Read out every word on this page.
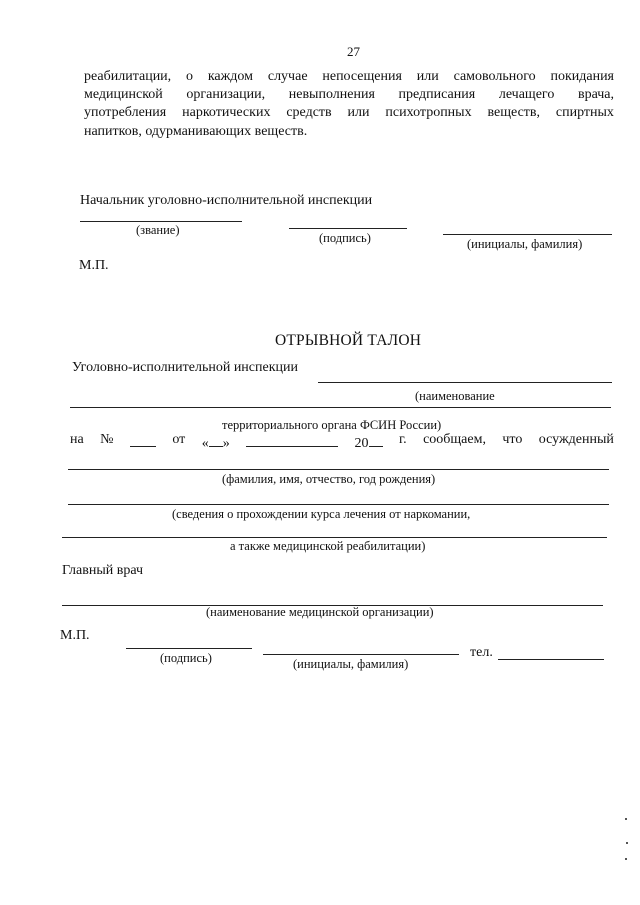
27
реабилитации, о каждом случае непосещения или самовольного покидания
медицинской организации, невыполнения предписания лечащего врача,
употребления наркотических средств или психотропных веществ, спиртных
напитков, одурманивающих веществ.
Начальник уголовно-исполнительной инспекции
(звание)
(подпись)	(инициалы, фамилия)
М.П.
ОТРЫВНОЙ ТАЛОН
Уголовно-исполнительной инспекции
(наименование
территориального органа ФСИН России)
на №	от « »	20	г. сообщаем, что осужденный
(фамилия, имя, отчество, год рождения)
(сведения о прохождении курса лечения от наркомании,
а также медицинской реабилитации)
Главный врач
(наименование медицинской организации)
М.П.
тел.
(подпись)	(инициалы, фамилия)
